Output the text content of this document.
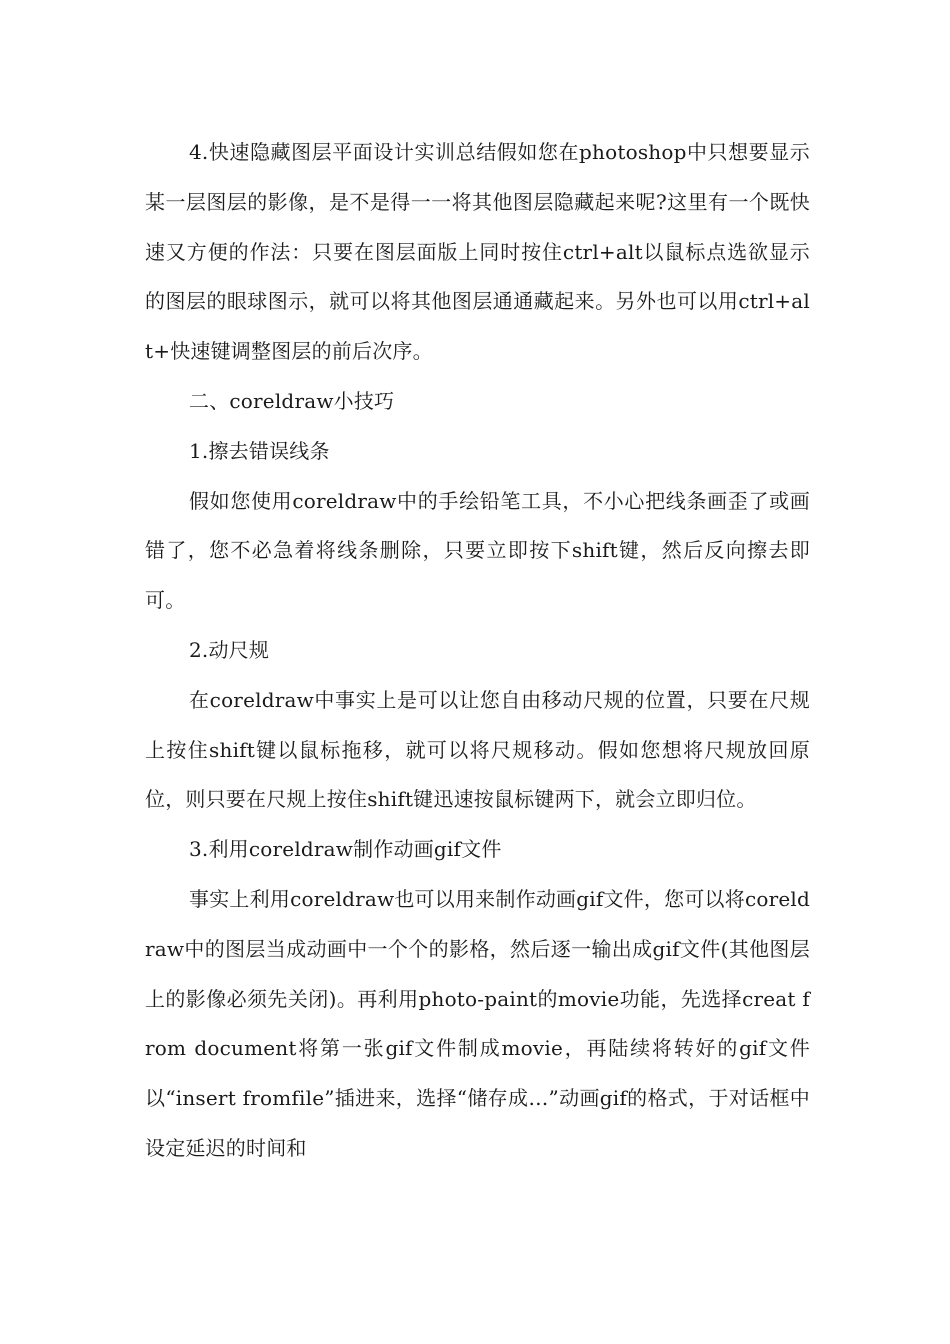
4.快速隐藏图层平面设计实训总结假如您在photoshop中只想要显示某一层图层的影像，是不是得一一将其他图层隐藏起来呢?这里有一个既快速又方便的作法：只要在图层面版上同时按住ctrl+alt以鼠标点选欲显示的图层的眼球图示，就可以将其他图层通通藏起来。另外也可以用ctrl+alt+快速键调整图层的前后次序。

二、coreldraw小技巧

1.擦去错误线条

假如您使用coreldraw中的手绘铅笔工具，不小心把线条画歪了或画错了，您不必急着将线条删除，只要立即按下shift键，然后反向擦去即可。

2.动尺规

在coreldraw中事实上是可以让您自由移动尺规的位置，只要在尺规上按住shift键以鼠标拖移，就可以将尺规移动。假如您想将尺规放回原位，则只要在尺规上按住shift键迅速按鼠标键两下，就会立即归位。

3.利用coreldraw制作动画gif文件

事实上利用coreldraw也可以用来制作动画gif文件，您可以将coreldraw中的图层当成动画中一个个的影格，然后逐一输出成gif文件(其他图层上的影像必须先关闭)。再利用photo-paint的movie功能，先选择creat from document将第一张gif文件制成movie，再陆续将转好的gif文件以“insert fromfile”插进来，选择“储存成…”动画gif的格式，于对话框中设定延迟的时间和
